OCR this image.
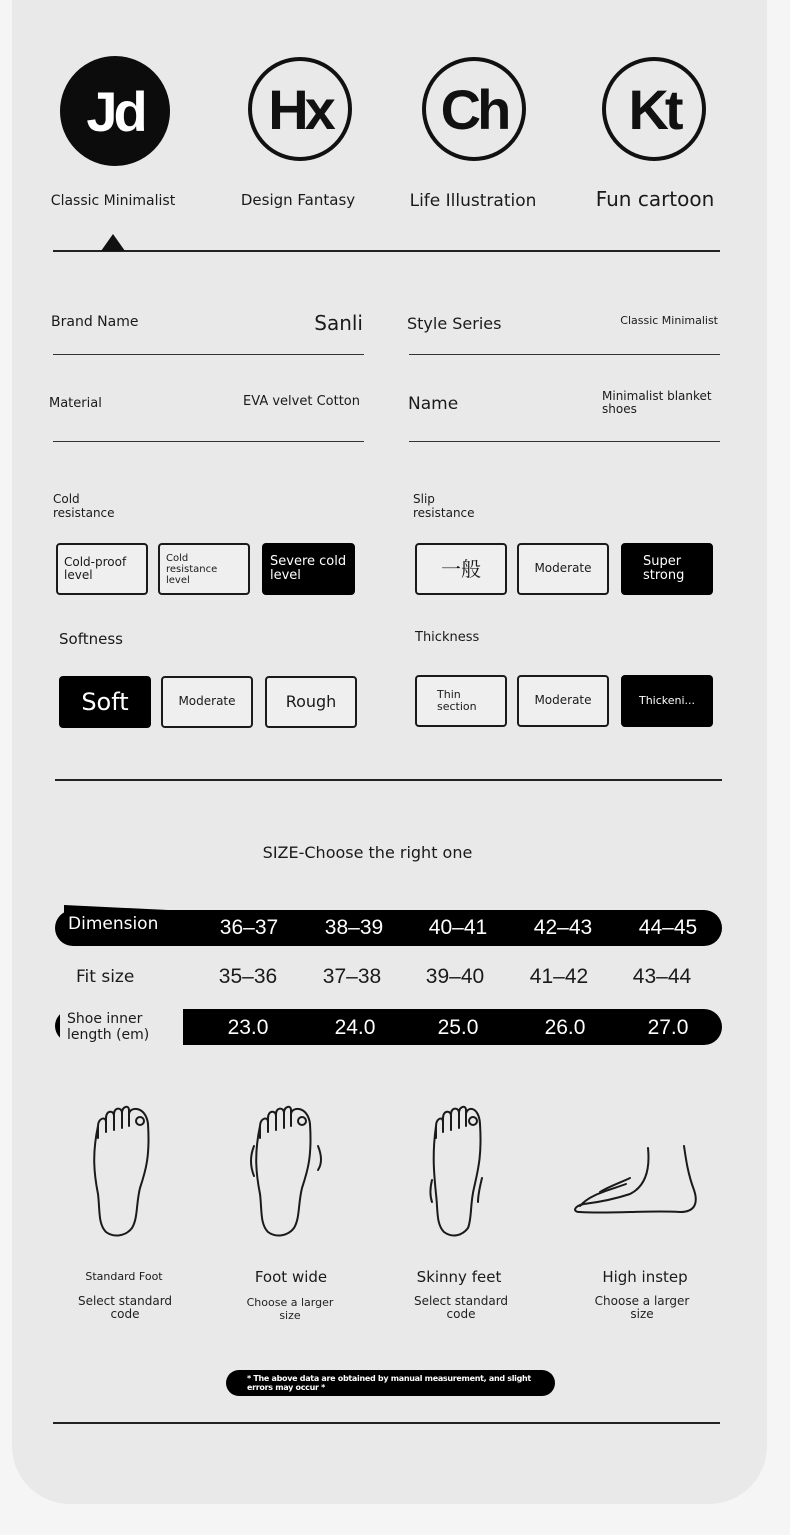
Jd Hx Ch Kt
Classic Minimalist	Design Fantasy	Life Illustration	Fun cartoon
Brand Name	Sanli	Style Series	Classic Minimalist
Material	EVA velvet Cotton	Name	Minimalist blanket shoes
Cold resistance
Cold-proof level
Cold resistance level
Severe cold level
Slip resistance
一般	Moderate	Super strong
Softness
Soft	Moderate	Rough
Thickness
Thin section	Moderate	Thickeni...
SIZE-Choose the right one
Dimension	36–37	38–39	40–41	42–43	44–45
Fit size	35–36	37–38	39–40	41–42	43–44
Shoe inner length (em)	23.0	24.0	25.0	26.0	27.0
Standard Foot
Select standard code
Foot wide
Choose a larger size
Skinny feet
Select standard code
High instep
Choose a larger size
* The above data are obtained by manual measurement, and slight errors may occur *
